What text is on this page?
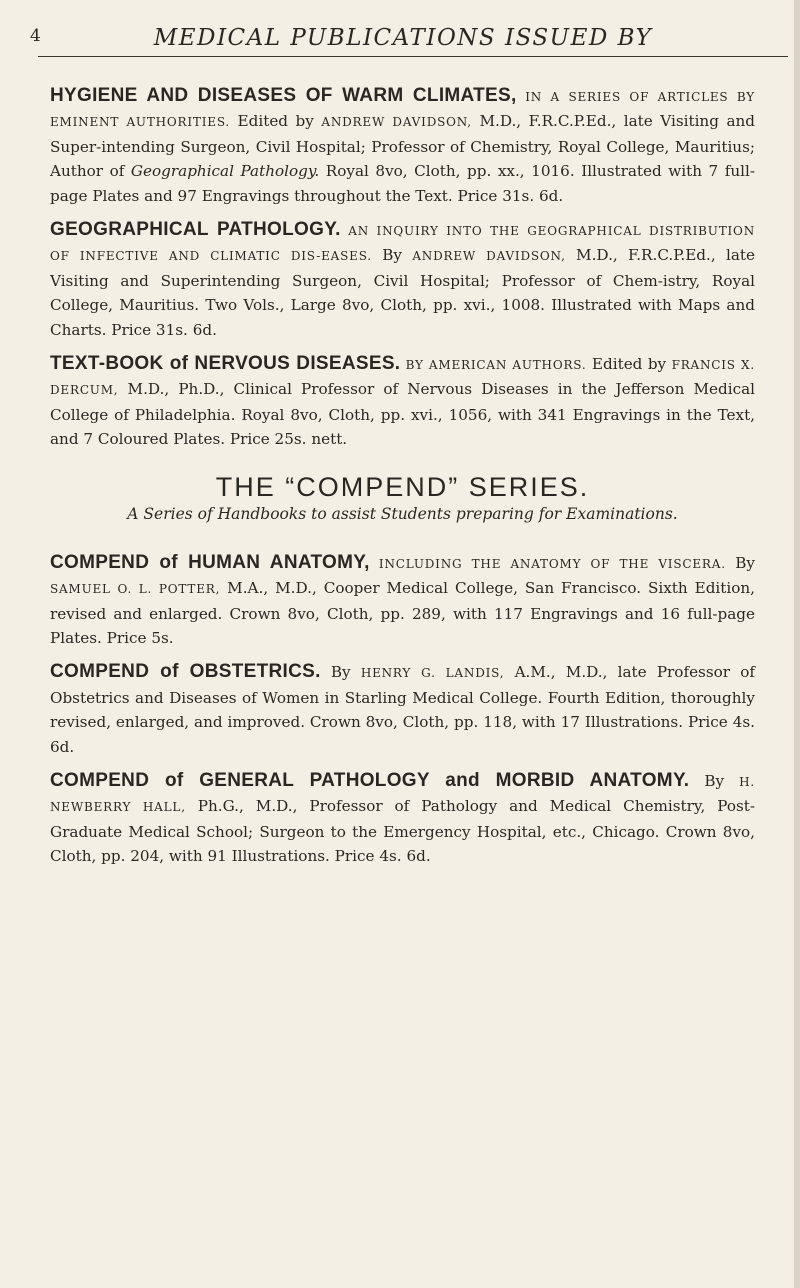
4	MEDICAL PUBLICATIONS ISSUED BY

HYGIENE AND DISEASES OF WARM CLIMATES, IN A SERIES OF ARTICLES BY EMINENT AUTHORITIES. Edited by ANDREW DAVIDSON, M.D., F.R.C.P.Ed., late Visiting and Super-intending Surgeon, Civil Hospital; Professor of Chemistry, Royal College, Mauritius; Author of Geographical Pathology. Royal 8vo, Cloth, pp. xx., 1016. Illustrated with 7 full-page Plates and 97 Engravings throughout the Text. Price 31s. 6d.

GEOGRAPHICAL PATHOLOGY. AN INQUIRY INTO THE GEOGRAPHICAL DISTRIBUTION OF INFECTIVE AND CLIMATIC DIS-EASES. By ANDREW DAVIDSON, M.D., F.R.C.P.Ed., late Visiting and Superintending Surgeon, Civil Hospital; Professor of Chem-istry, Royal College, Mauritius. Two Vols., Large 8vo, Cloth, pp. xvi., 1008. Illustrated with Maps and Charts. Price 31s. 6d.

TEXT-BOOK of NERVOUS DISEASES. BY AMERICAN AUTHORS. Edited by FRANCIS X. DERCUM, M.D., Ph.D., Clinical Professor of Nervous Diseases in the Jefferson Medical College of Philadelphia. Royal 8vo, Cloth, pp. xvi., 1056, with 341 Engravings in the Text, and 7 Coloured Plates. Price 25s. nett.

THE “COMPEND” SERIES.
A Series of Handbooks to assist Students preparing for Examinations.

COMPEND of HUMAN ANATOMY, INCLUDING THE ANATOMY OF THE VISCERA. By SAMUEL O. L. POTTER, M.A., M.D., Cooper Medical College, San Francisco. Sixth Edition, revised and enlarged. Crown 8vo, Cloth, pp. 289, with 117 Engravings and 16 full-page Plates. Price 5s.

COMPEND of OBSTETRICS. By HENRY G. LANDIS, A.M., M.D., late Professor of Obstetrics and Diseases of Women in Starling Medical College. Fourth Edition, thoroughly revised, enlarged, and improved. Crown 8vo, Cloth, pp. 118, with 17 Illustrations. Price 4s. 6d.

COMPEND of GENERAL PATHOLOGY and MORBID ANATOMY. By H. NEWBERRY HALL, Ph.G., M.D., Professor of Pathology and Medical Chemistry, Post-Graduate Medical School; Surgeon to the Emergency Hospital, etc., Chicago. Crown 8vo, Cloth, pp. 204, with 91 Illustrations. Price 4s. 6d.
